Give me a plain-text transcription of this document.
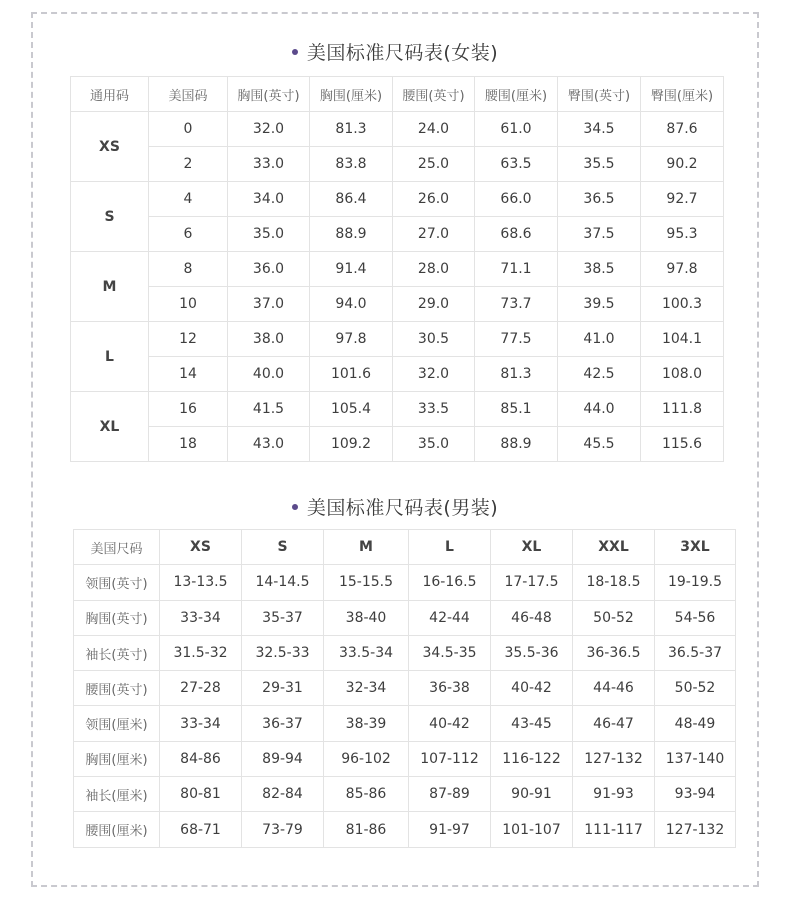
美国标准尺码表(女装)
通用码	美国码	胸围(英寸)	胸围(厘米)	腰围(英寸)	腰围(厘米)	臀围(英寸)	臀围(厘米)
XS	0	32.0	81.3	24.0	61.0	34.5	87.6
	2	33.0	83.8	25.0	63.5	35.5	90.2
S	4	34.0	86.4	26.0	66.0	36.5	92.7
	6	35.0	88.9	27.0	68.6	37.5	95.3
M	8	36.0	91.4	28.0	71.1	38.5	97.8
	10	37.0	94.0	29.0	73.7	39.5	100.3
L	12	38.0	97.8	30.5	77.5	41.0	104.1
	14	40.0	101.6	32.0	81.3	42.5	108.0
XL	16	41.5	105.4	33.5	85.1	44.0	111.8
	18	43.0	109.2	35.0	88.9	45.5	115.6
美国标准尺码表(男装)
美国尺码	XS	S	M	L	XL	XXL	3XL
领围(英寸)	13-13.5	14-14.5	15-15.5	16-16.5	17-17.5	18-18.5	19-19.5
胸围(英寸)	33-34	35-37	38-40	42-44	46-48	50-52	54-56
袖长(英寸)	31.5-32	32.5-33	33.5-34	34.5-35	35.5-36	36-36.5	36.5-37
腰围(英寸)	27-28	29-31	32-34	36-38	40-42	44-46	50-52
领围(厘米)	33-34	36-37	38-39	40-42	43-45	46-47	48-49
胸围(厘米)	84-86	89-94	96-102	107-112	116-122	127-132	137-140
袖长(厘米)	80-81	82-84	85-86	87-89	90-91	91-93	93-94
腰围(厘米)	68-71	73-79	81-86	91-97	101-107	111-117	127-132
